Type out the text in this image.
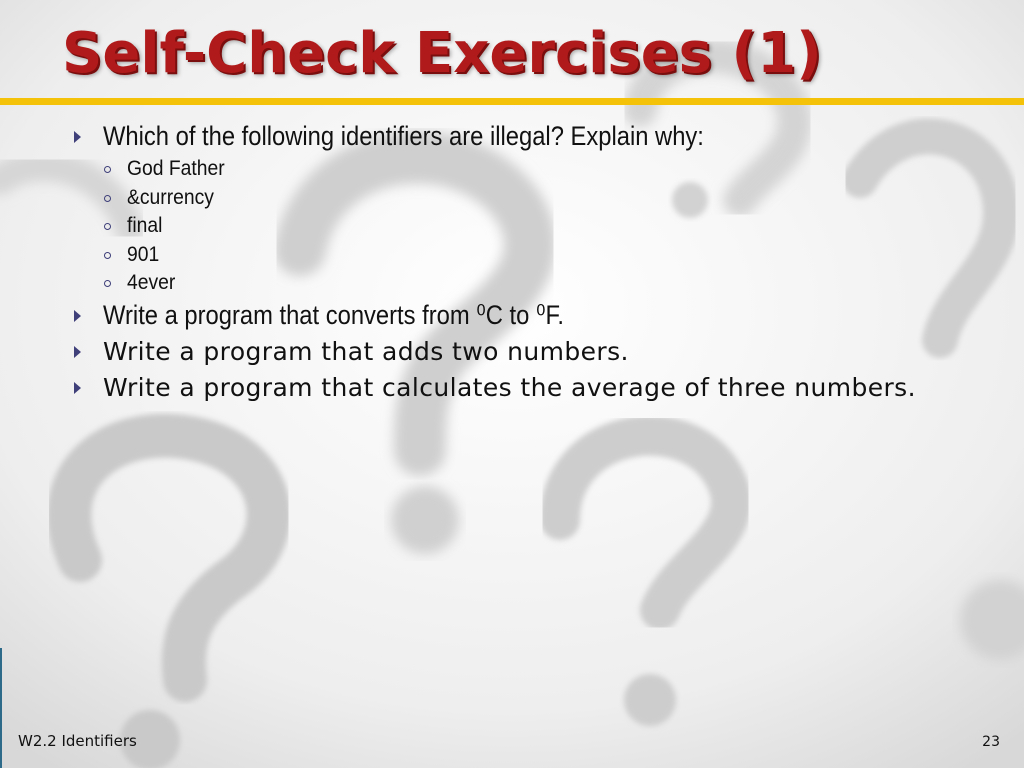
Self-Check Exercises (1)
Which of the following identifiers are illegal? Explain why:
God Father
&currency
final
901
4ever
Write a program that converts from ⁰C to ⁰F.
Write a program that adds two numbers.
Write a program that calculates the average of three numbers.
W2.2 Identifiers	23
